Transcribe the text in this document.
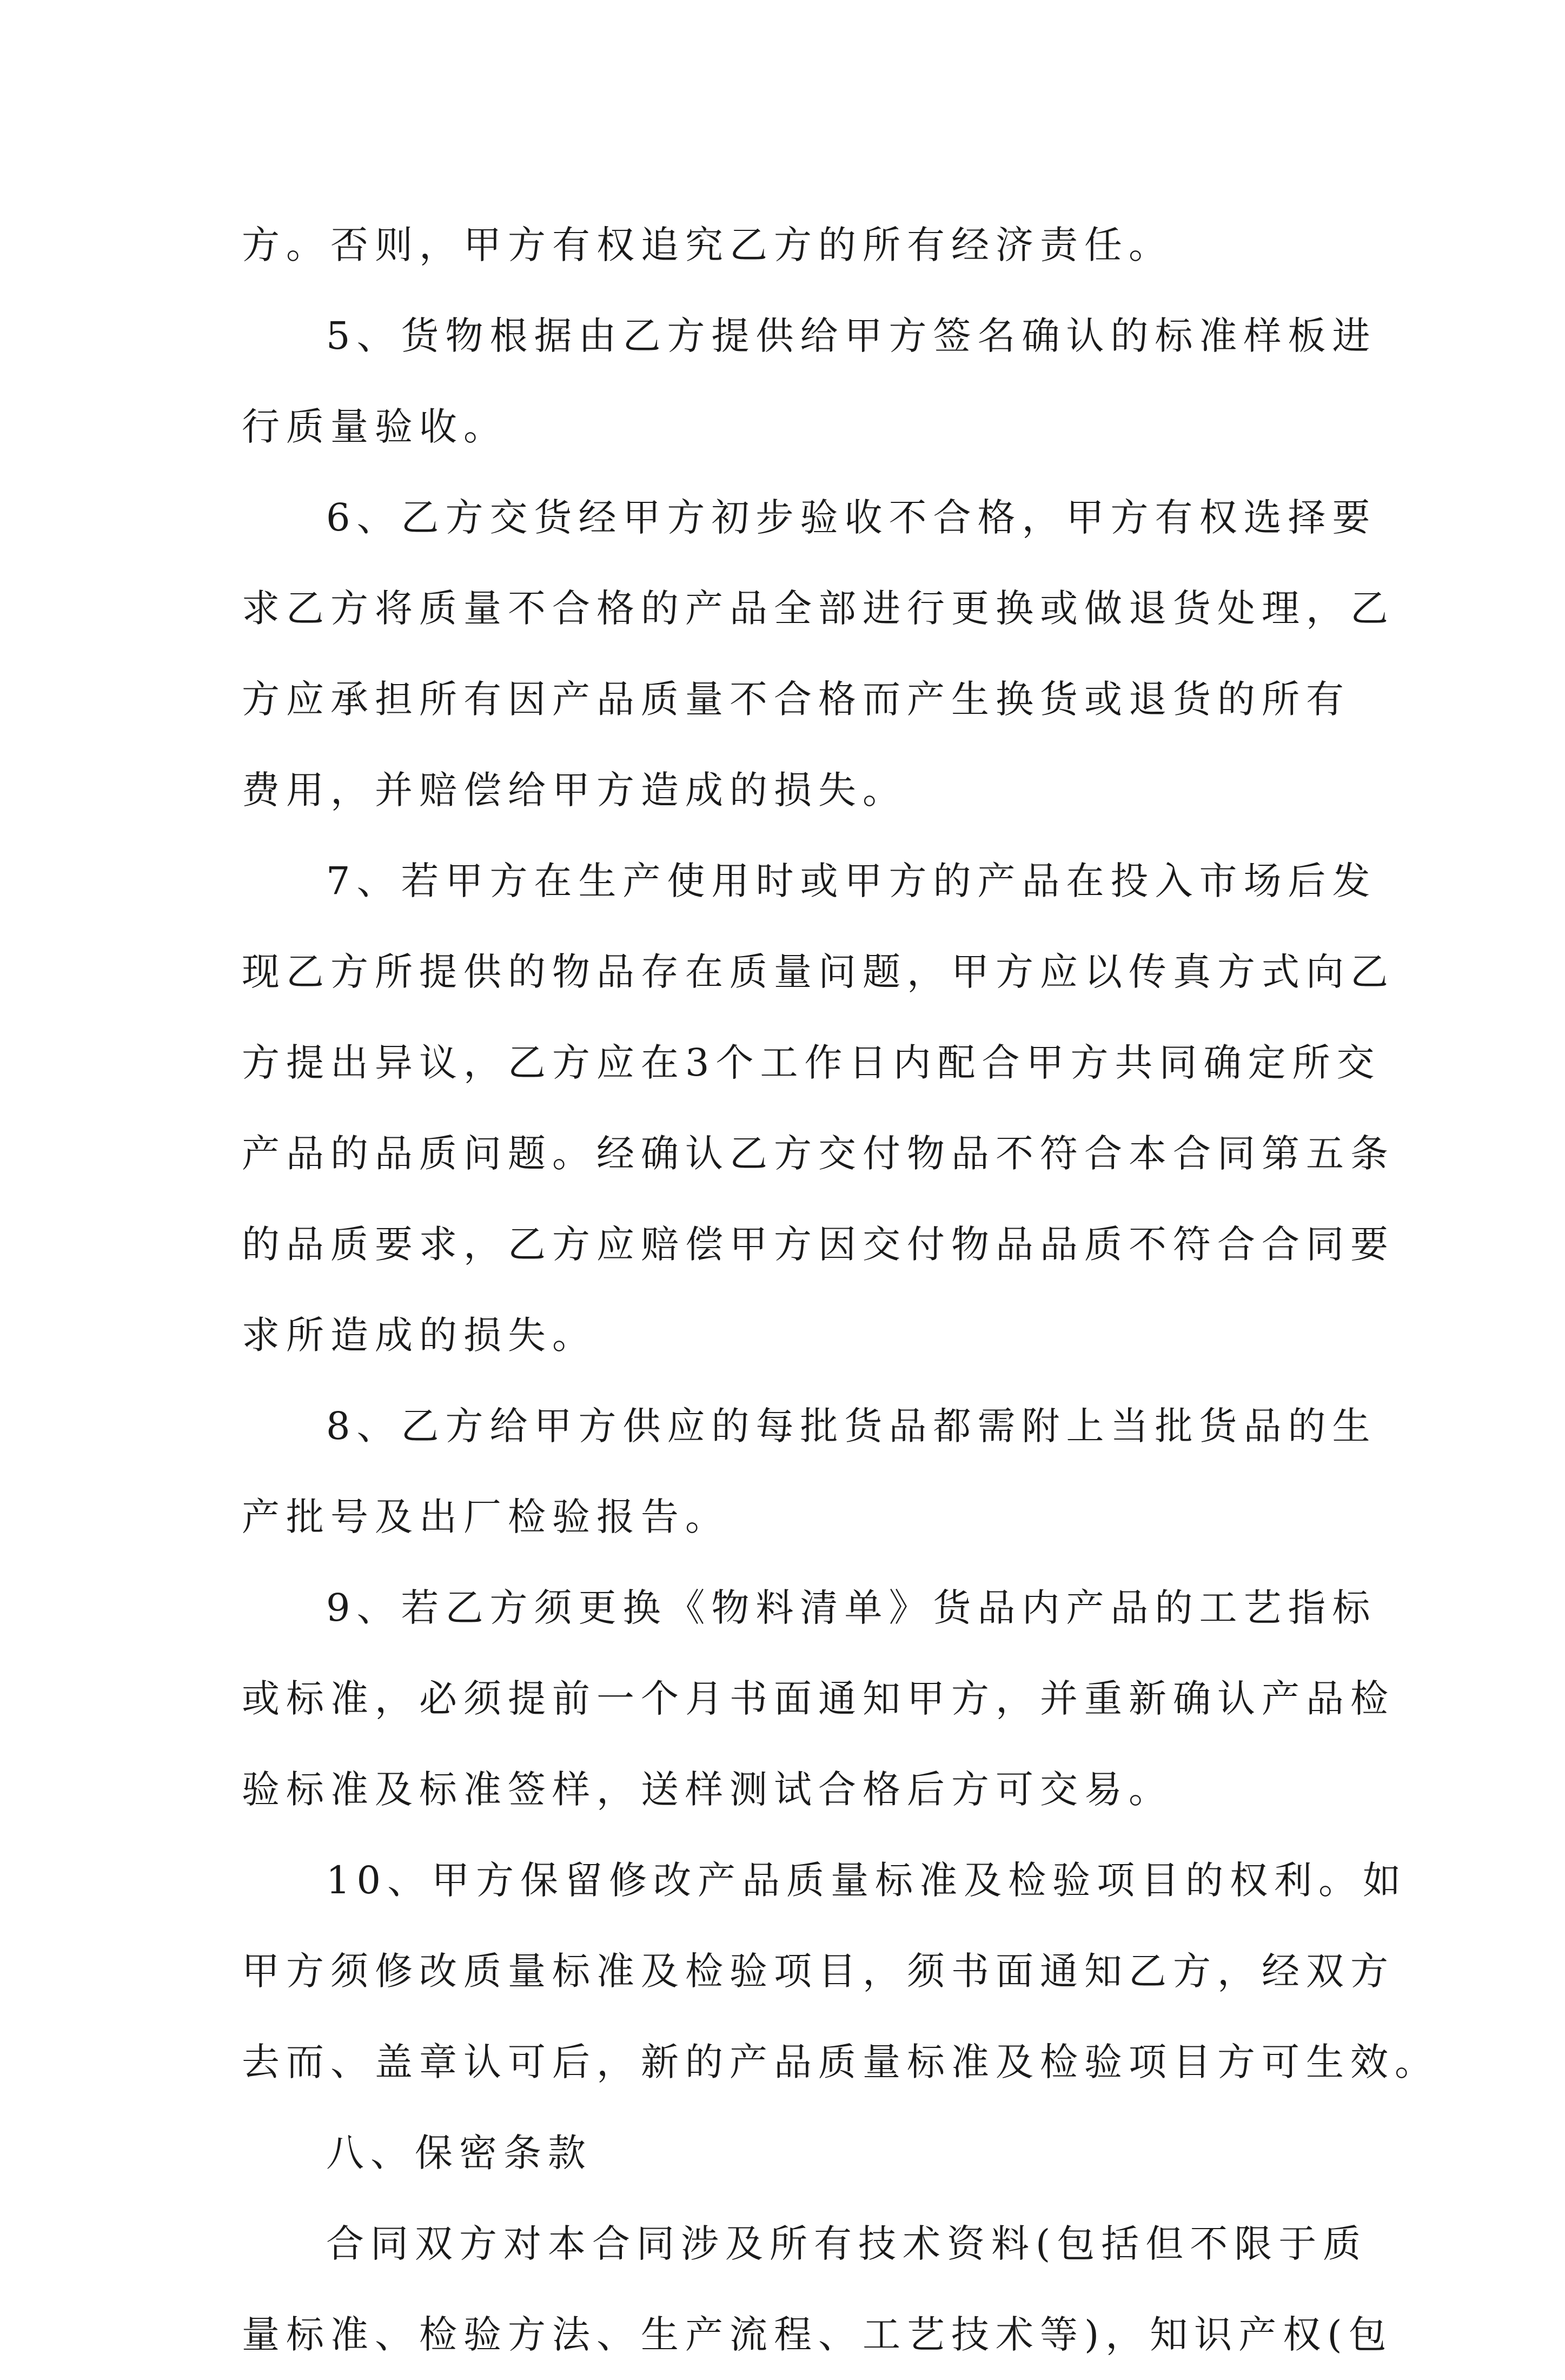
方。否则，甲方有权追究乙方的所有经济责任。
5、货物根据由乙方提供给甲方签名确认的标准样板进
行质量验收。
6、乙方交货经甲方初步验收不合格，甲方有权选择要
求乙方将质量不合格的产品全部进行更换或做退货处理，乙
方应承担所有因产品质量不合格而产生换货或退货的所有
费用，并赔偿给甲方造成的损失。
7、若甲方在生产使用时或甲方的产品在投入市场后发
现乙方所提供的物品存在质量问题，甲方应以传真方式向乙
方提出异议，乙方应在3个工作日内配合甲方共同确定所交
产品的品质问题。经确认乙方交付物品不符合本合同第五条
的品质要求，乙方应赔偿甲方因交付物品品质不符合合同要
求所造成的损失。
8、乙方给甲方供应的每批货品都需附上当批货品的生
产批号及出厂检验报告。
9、若乙方须更换《物料清单》货品内产品的工艺指标
或标准，必须提前一个月书面通知甲方，并重新确认产品检
验标准及标准签样，送样测试合格后方可交易。
10、甲方保留修改产品质量标准及检验项目的权利。如
甲方须修改质量标准及检验项目，须书面通知乙方，经双方
去而、盖章认可后，新的产品质量标准及检验项目方可生效。
八、保密条款
合同双方对本合同涉及所有技术资料(包括但不限于质
量标准、检验方法、生产流程、工艺技术等)，知识产权(包
